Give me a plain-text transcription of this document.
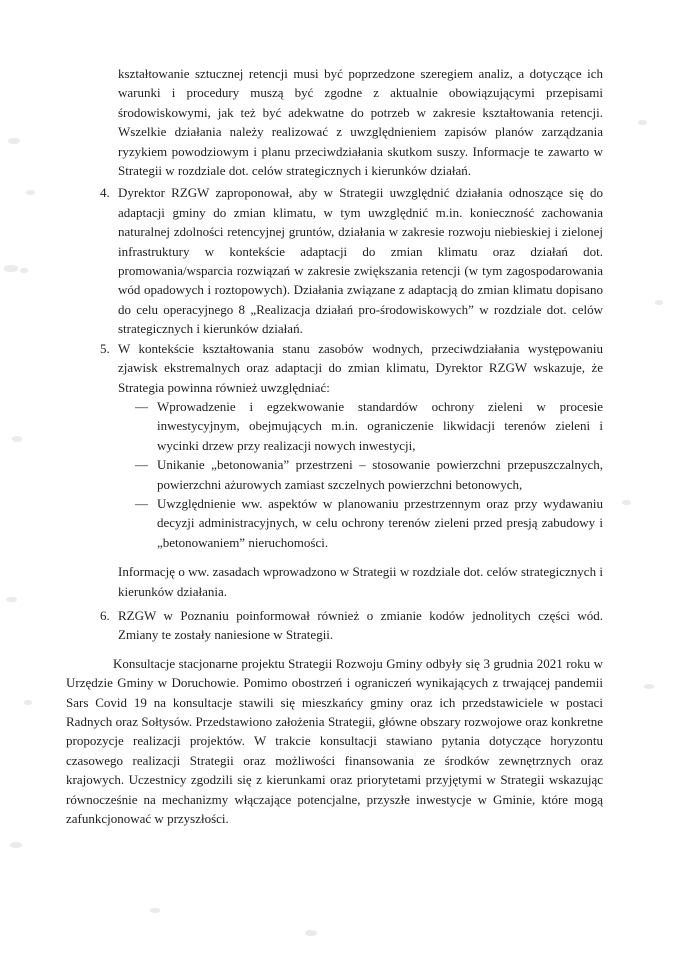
kształtowanie sztucznej retencji musi być poprzedzone szeregiem analiz, a dotyczące ich warunki i procedury muszą być zgodne z aktualnie obowiązującymi przepisami środowiskowymi, jak też być adekwatne do potrzeb w zakresie kształtowania retencji. Wszelkie działania należy realizować z uwzględnieniem zapisów planów zarządzania ryzykiem powodziowym i planu przeciwdziałania skutkom suszy. Informacje te zawarto w Strategii w rozdziale dot. celów strategicznych i kierunków działań.

4. Dyrektor RZGW zaproponował, aby w Strategii uwzględnić działania odnoszące się do adaptacji gminy do zmian klimatu, w tym uwzględnić m.in. konieczność zachowania naturalnej zdolności retencyjnej gruntów, działania w zakresie rozwoju niebieskiej i zielonej infrastruktury w kontekście adaptacji do zmian klimatu oraz działań dot. promowania/wsparcia rozwiązań w zakresie zwiększania retencji (w tym zagospodarowania wód opadowych i roztopowych). Działania związane z adaptacją do zmian klimatu dopisano do celu operacyjnego 8 „Realizacja działań pro-środowiskowych” w rozdziale dot. celów strategicznych i kierunków działań.

5. W kontekście kształtowania stanu zasobów wodnych, przeciwdziałania występowaniu zjawisk ekstremalnych oraz adaptacji do zmian klimatu, Dyrektor RZGW wskazuje, że Strategia powinna również uwzględniać:

— Wprowadzenie i egzekwowanie standardów ochrony zieleni w procesie inwestycyjnym, obejmujących m.in. ograniczenie likwidacji terenów zieleni i wycinki drzew przy realizacji nowych inwestycji,

— Unikanie „betonowania” przestrzeni – stosowanie powierzchni przepuszczalnych, powierzchni ażurowych zamiast szczelnych powierzchni betonowych,

— Uwzględnienie ww. aspektów w planowaniu przestrzennym oraz przy wydawaniu decyzji administracyjnych, w celu ochrony terenów zieleni przed presją zabudowy i „betonowaniem” nieruchomości.

Informację o ww. zasadach wprowadzono w Strategii w rozdziale dot. celów strategicznych i kierunków działania.

6. RZGW w Poznaniu poinformował również o zmianie kodów jednolitych części wód. Zmiany te zostały naniesione w Strategii.

Konsultacje stacjonarne projektu Strategii Rozwoju Gminy odbyły się 3 grudnia 2021 roku w Urzędzie Gminy w Doruchowie. Pomimo obostrzeń i ograniczeń wynikających z trwającej pandemii Sars Covid 19 na konsultacje stawili się mieszkańcy gminy oraz ich przedstawiciele w postaci Radnych oraz Sołtysów. Przedstawiono założenia Strategii, główne obszary rozwojowe oraz konkretne propozycje realizacji projektów. W trakcie konsultacji stawiano pytania dotyczące horyzontu czasowego realizacji Strategii oraz możliwości finansowania ze środków zewnętrznych oraz krajowych. Uczestnicy zgodzili się z kierunkami oraz priorytetami przyjętymi w Strategii wskazując równocześnie na mechanizmy włączające potencjalne, przyszłe inwestycje w Gminie, które mogą zafunkcjonować w przyszłości.
